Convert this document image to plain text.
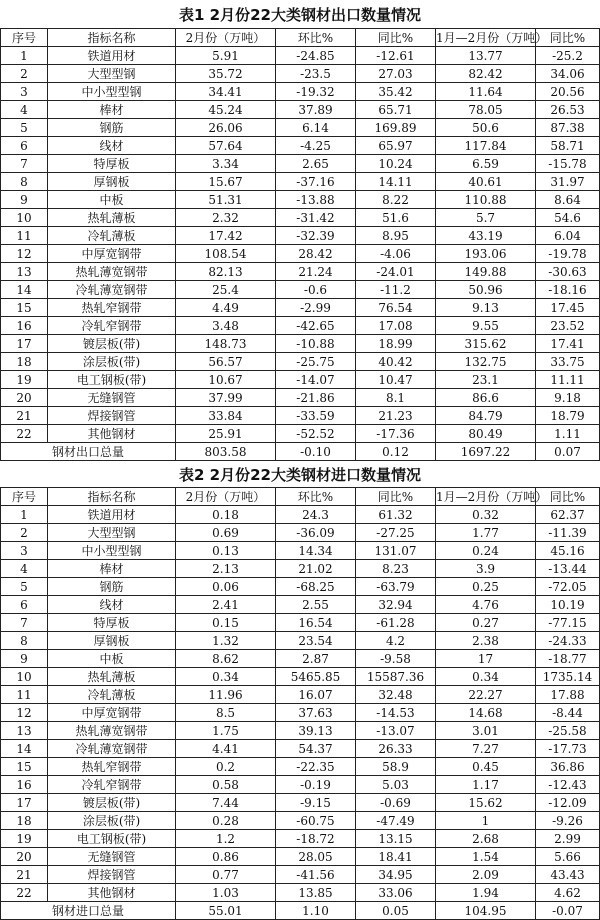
表1 2月份22大类钢材出口数量情况
序号	指标名称	2月份（万吨）	环比%	同比%	1月—2月份（万吨）	同比%
1	铁道用材	5.91	-24.85	-12.61	13.77	-25.2
2	大型型钢	35.72	-23.5	27.03	82.42	34.06
3	中小型型钢	34.41	-19.32	35.42	11.64	20.56
4	棒材	45.24	37.89	65.71	78.05	26.53
5	钢筋	26.06	6.14	169.89	50.6	87.38
6	线材	57.64	-4.25	65.97	117.84	58.71
7	特厚板	3.34	2.65	10.24	6.59	-15.78
8	厚钢板	15.67	-37.16	14.11	40.61	31.97
9	中板	51.31	-13.88	8.22	110.88	8.64
10	热轧薄板	2.32	-31.42	51.6	5.7	54.6
11	冷轧薄板	17.42	-32.39	8.95	43.19	6.04
12	中厚宽钢带	108.54	28.42	-4.06	193.06	-19.78
13	热轧薄宽钢带	82.13	21.24	-24.01	149.88	-30.63
14	冷轧薄宽钢带	25.4	-0.6	-11.2	50.96	-18.16
15	热轧窄钢带	4.49	-2.99	76.54	9.13	17.45
16	冷轧窄钢带	3.48	-42.65	17.08	9.55	23.52
17	镀层板(带)	148.73	-10.88	18.99	315.62	17.41
18	涂层板(带)	56.57	-25.75	40.42	132.75	33.75
19	电工钢板(带)	10.67	-14.07	10.47	23.1	11.11
20	无缝钢管	37.99	-21.86	8.1	86.6	9.18
21	焊接钢管	33.84	-33.59	21.23	84.79	18.79
22	其他钢材	25.91	-52.52	-17.36	80.49	1.11
钢材出口总量		803.58	-0.10	0.12	1697.22	0.07
表2 2月份22大类钢材进口数量情况
序号	指标名称	2月份（万吨）	环比%	同比%	1月—2月份（万吨）	同比%
1	铁道用材	0.18	24.3	61.32	0.32	62.37
2	大型型钢	0.69	-36.09	-27.25	1.77	-11.39
3	中小型型钢	0.13	14.34	131.07	0.24	45.16
4	棒材	2.13	21.02	8.23	3.9	-13.44
5	钢筋	0.06	-68.25	-63.79	0.25	-72.05
6	线材	2.41	2.55	32.94	4.76	10.19
7	特厚板	0.15	16.54	-61.28	0.27	-77.15
8	厚钢板	1.32	23.54	4.2	2.38	-24.33
9	中板	8.62	2.87	-9.58	17	-18.77
10	热轧薄板	0.34	5465.85	15587.36	0.34	1735.14
11	冷轧薄板	11.96	16.07	32.48	22.27	17.88
12	中厚宽钢带	8.5	37.63	-14.53	14.68	-8.44
13	热轧薄宽钢带	1.75	39.13	-13.07	3.01	-25.58
14	冷轧薄宽钢带	4.41	54.37	26.33	7.27	-17.73
15	热轧窄钢带	0.2	-22.35	58.9	0.45	36.86
16	冷轧窄钢带	0.58	-0.19	5.03	1.17	-12.43
17	镀层板(带)	7.44	-9.15	-0.69	15.62	-12.09
18	涂层板(带)	0.28	-60.75	-47.49	1	-9.26
19	电工钢板(带)	1.2	-18.72	13.15	2.68	2.99
20	无缝钢管	0.86	28.05	18.41	1.54	5.66
21	焊接钢管	0.77	-41.56	34.95	2.09	43.43
22	其他钢材	1.03	13.85	33.06	1.94	4.62
钢材进口总量		55.01	1.10	0.05	104.95	-0.07
